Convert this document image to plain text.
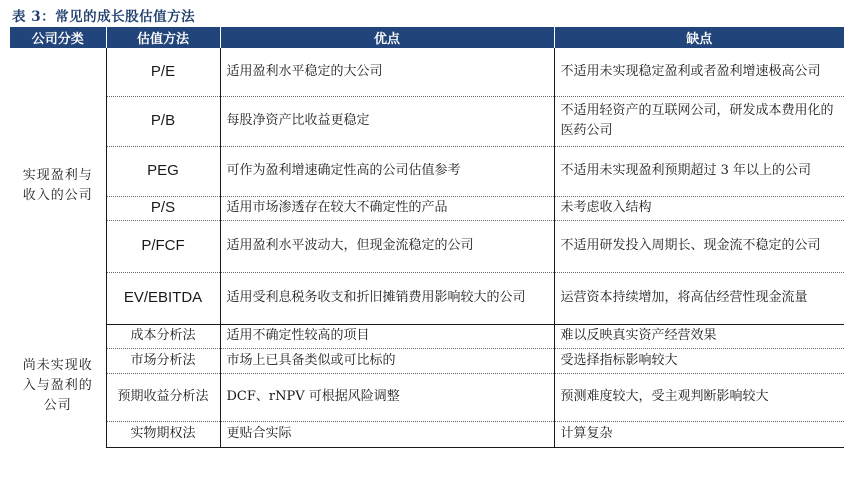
表 3：常见的成长股估值方法
公司分类	估值方法	优点	缺点

实现盈利与收入的公司	P/E	适用盈利水平稳定的大公司	不适用未实现稳定盈利或者盈利增速极高公司
	P/B	每股净资产比收益更稳定	不适用轻资产的互联网公司，研发成本费用化的医药公司
	PEG	可作为盈利增速确定性高的公司估值参考	不适用未实现盈利预期超过 3 年以上的公司
	P/S	适用市场渗透存在较大不确定性的产品	未考虑收入结构
	P/FCF	适用盈利水平波动大，但现金流稳定的公司	不适用研发投入周期长、现金流不稳定的公司
	EV/EBITDA	适用受利息税务收支和折旧摊销费用影响较大的公司	运营资本持续增加，将高估经营性现金流量

尚未实现收入与盈利的公司	成本分析法	适用不确定性较高的项目	难以反映真实资产经营效果
	市场分析法	市场上已具备类似或可比标的	受选择指标影响较大

	预期收益分析法	DCF、rNPV 可根据风险调整	预测难度较大，受主观判断影响较大
	实物期权法	更贴合实际	计算复杂
